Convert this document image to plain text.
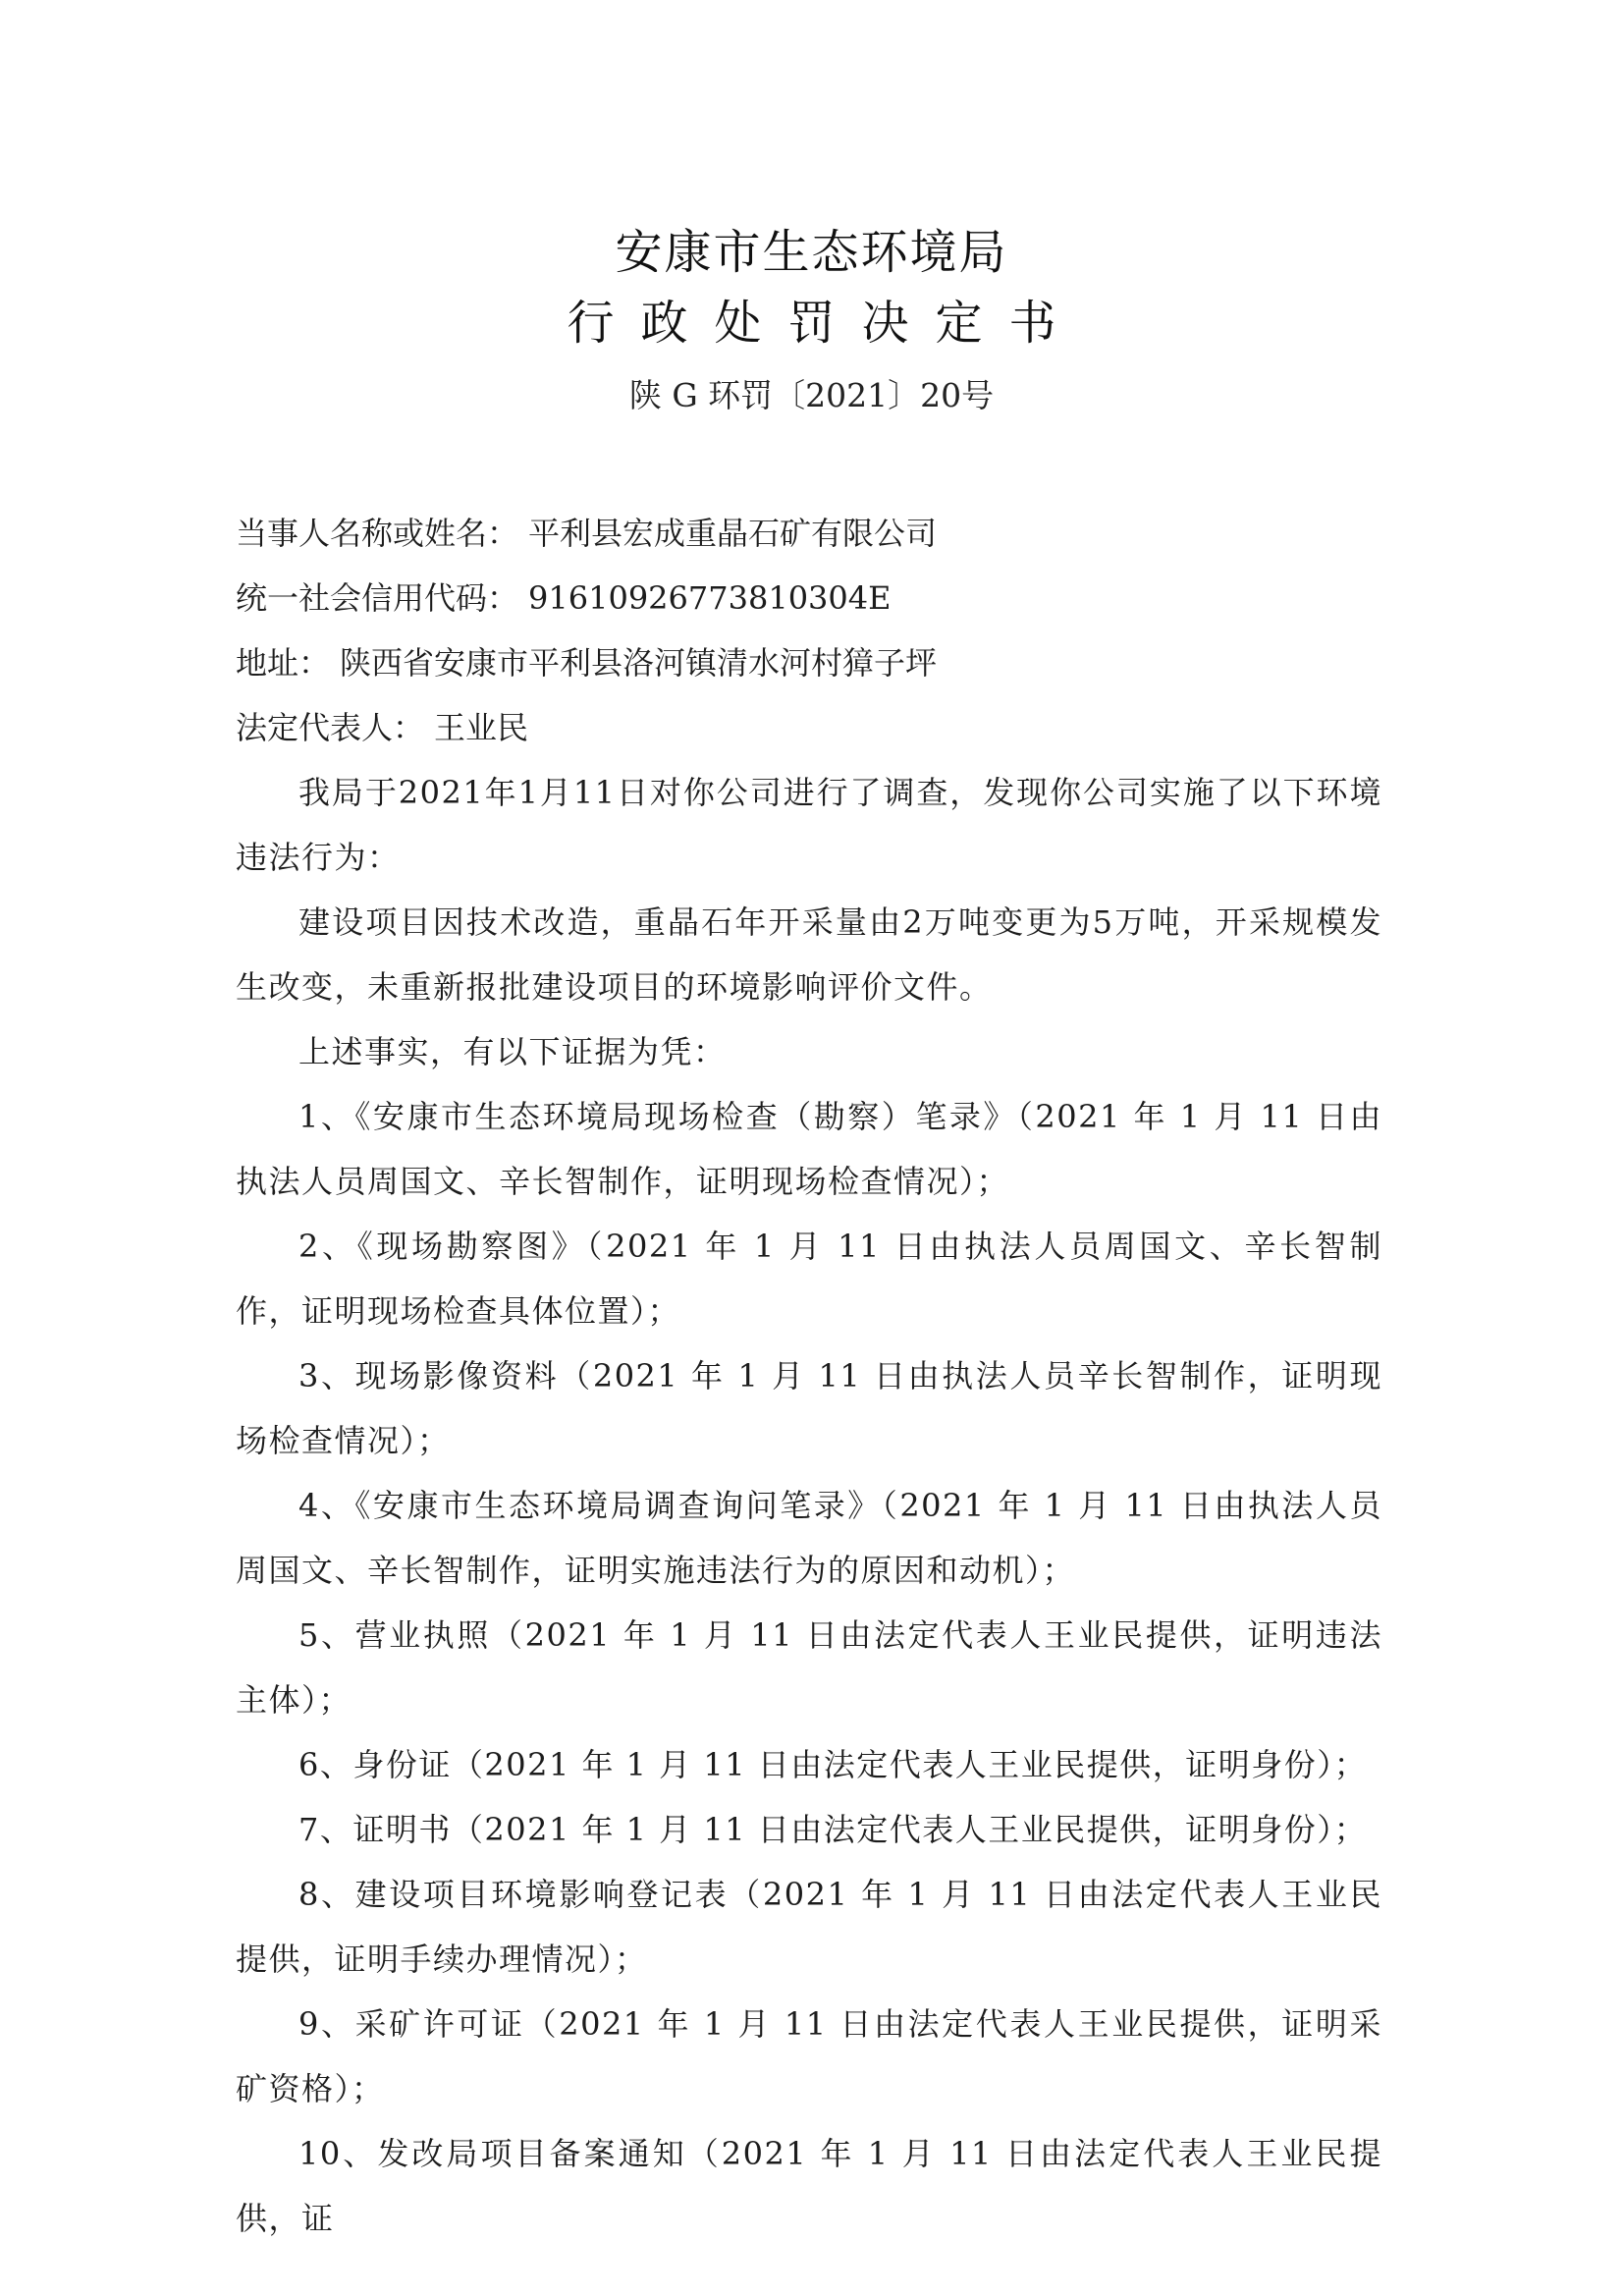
安康市生态环境局
行政处罚决定书
陕 G 环罚〔2021〕20号
当事人名称或姓名： 平利县宏成重晶石矿有限公司
统一社会信用代码： 91610926773810304E
地址： 陕西省安康市平利县洛河镇清水河村獐子坪
法定代表人： 王业民

我局于2021年1月11日对你公司进行了调查，发现你公司实施了以下环境违法行为：

建设项目因技术改造，重晶石年开采量由2万吨变更为5万吨，开采规模发生改变，未重新报批建设项目的环境影响评价文件。

上述事实，有以下证据为凭：

1、《安康市生态环境局现场检查（勘察）笔录》（2021 年 1 月 11 日由执法人员周国文、辛长智制作，证明现场检查情况）；
2、《现场勘察图》（2021 年 1 月 11 日由执法人员周国文、辛长智制作，证明现场检查具体位置）；
3、现场影像资料（2021 年 1 月 11 日由执法人员辛长智制作，证明现场检查情况）；
4、《安康市生态环境局调查询问笔录》（2021 年 1 月 11 日由执法人员周国文、辛长智制作，证明实施违法行为的原因和动机）；
5、营业执照（2021 年 1 月 11 日由法定代表人王业民提供，证明违法主体）；
6、身份证（2021 年 1 月 11 日由法定代表人王业民提供，证明身份）；
7、证明书（2021 年 1 月 11 日由法定代表人王业民提供，证明身份）；
8、建设项目环境影响登记表（2021 年 1 月 11 日由法定代表人王业民提供，证明手续办理情况）；
9、采矿许可证（2021 年 1 月 11 日由法定代表人王业民提供，证明采矿资格）；
10、发改局项目备案通知（2021 年 1 月 11 日由法定代表人王业民提供，证
